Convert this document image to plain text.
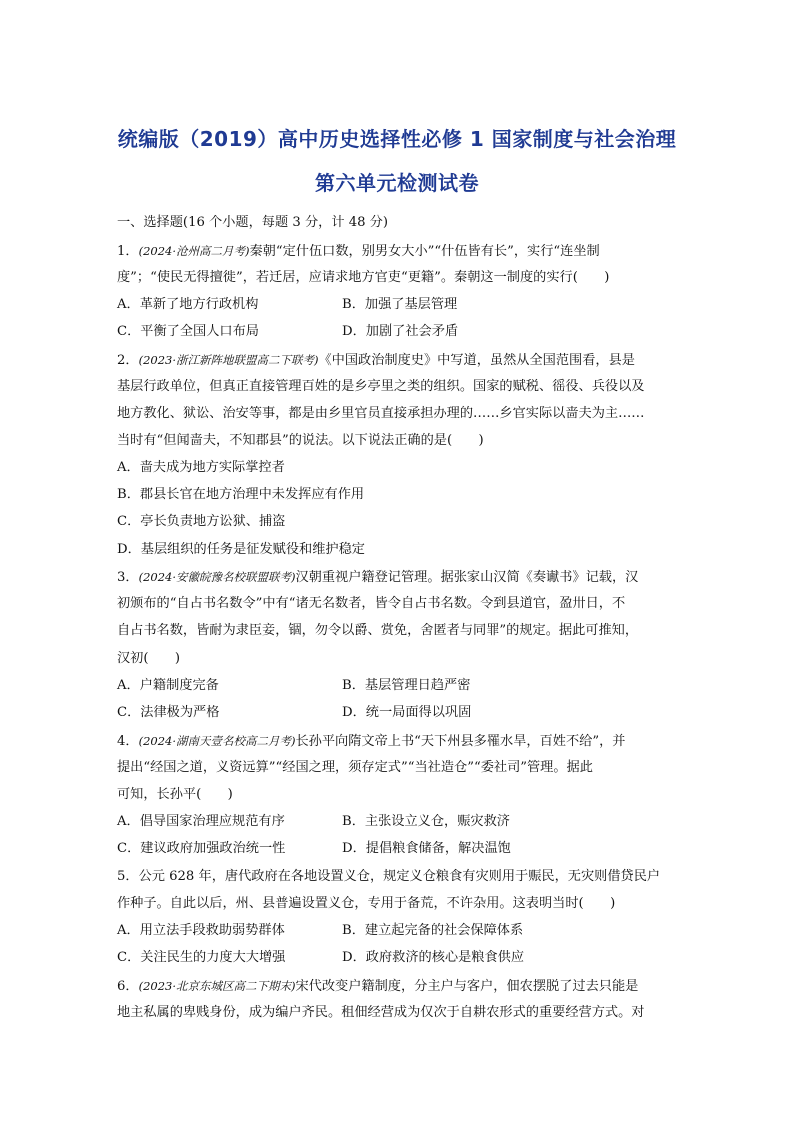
统编版（2019）高中历史选择性必修 1 国家制度与社会治理
第六单元检测试卷
一、选择题(16 个小题，每题 3 分，计 48 分)
1．(2024·沧州高二月考)秦朝“定什伍口数，别男女大小”“什伍皆有长”，实行“连坐制
度”；“使民无得擅徙”，若迁居，应请求地方官吏“更籍”。秦朝这一制度的实行(　　)
A．革新了地方行政机构	B．加强了基层管理
C．平衡了全国人口布局	D．加剧了社会矛盾
2．(2023·浙江新阵地联盟高二下联考)《中国政治制度史》中写道，虽然从全国范围看，县是
基层行政单位，但真正直接管理百姓的是乡亭里之类的组织。国家的赋税、徭役、兵役以及
地方教化、狱讼、治安等事，都是由乡里官员直接承担办理的……乡官实际以啬夫为主……
当时有“但闻啬夫，不知郡县”的说法。以下说法正确的是(　　)
A．啬夫成为地方实际掌控者
B．郡县长官在地方治理中未发挥应有作用
C．亭长负责地方讼狱、捕盗
D．基层组织的任务是征发赋役和维护稳定
3．(2024·安徽皖豫名校联盟联考)汉朝重视户籍登记管理。据张家山汉简《奏谳书》记载，汉
初颁布的“自占书名数令”中有“诸无名数者，皆令自占书名数。令到县道官，盈卅日，不
自占书名数，皆耐为隶臣妾，锢，勿令以爵、赏免，舍匿者与同罪”的规定。据此可推知，
汉初(　　)
A．户籍制度完备	B．基层管理日趋严密
C．法律极为严格	D．统一局面得以巩固
4．(2024·湖南天壹名校高二月考)长孙平向隋文帝上书“天下州县多罹水旱，百姓不给”，并
提出“经国之道，义资远算”“经国之理，须存定式”“当社造仓”“委社司”管理。据此
可知，长孙平(　　)
A．倡导国家治理应规范有序	B．主张设立义仓，赈灾救济
C．建议政府加强政治统一性	D．提倡粮食储备，解决温饱
5．公元 628 年，唐代政府在各地设置义仓，规定义仓粮食有灾则用于赈民，无灾则借贷民户
作种子。自此以后，州、县普遍设置义仓，专用于备荒，不许杂用。这表明当时(　　)
A．用立法手段救助弱势群体	B．建立起完备的社会保障体系
C．关注民生的力度大大增强	D．政府救济的核心是粮食供应
6．(2023·北京东城区高二下期末)宋代改变户籍制度，分主户与客户，佃农摆脱了过去只能是
地主私属的卑贱身份，成为编户齐民。租佃经营成为仅次于自耕农形式的重要经营方式。对
